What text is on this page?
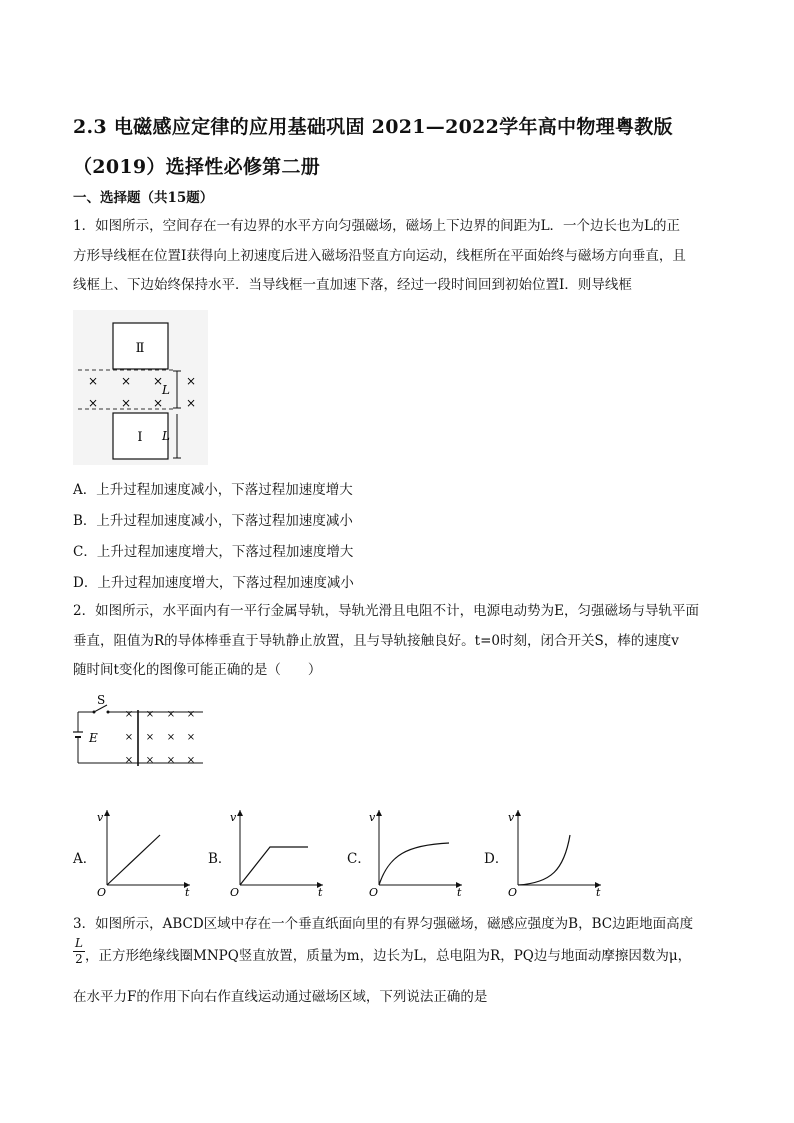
2.3 电磁感应定律的应用基础巩固 2021—2022学年高中物理粤教版
（2019）选择性必修第二册
一、选择题（共15题）
1．如图所示，空间存在一有边界的水平方向匀强磁场，磁场上下边界的间距为L．一个边长也为L的正
方形导线框在位置I获得向上初速度后进入磁场沿竖直方向运动，线框所在平面始终与磁场方向垂直，且
线框上、下边始终保持水平．当导线框一直加速下落，经过一段时间回到初始位置I．则导线框
Ⅱ
× × × ×
× × × ×
I
L
L
A．上升过程加速度减小，下落过程加速度增大
B．上升过程加速度减小，下落过程加速度减小
C．上升过程加速度增大，下落过程加速度增大
D．上升过程加速度增大，下落过程加速度减小
2．如图所示，水平面内有一平行金属导轨，导轨光滑且电阻不计，电源电动势为E，匀强磁场与导轨平面
垂直，阻值为R的导体棒垂直于导轨静止放置，且与导轨接触良好。t=0时刻，闭合开关S，棒的速度v
随时间t变化的图像可能正确的是（　　）
S
E
×
×
×
×
×
×
×
×
×
×
×
×
A．
v
t
O
B．
v
t
O
C．
v
t
O
D．
v
t
O
3．如图所示，ABCD区域中存在一个垂直纸面向里的有界匀强磁场，磁感应强度为B，BC边距地面高度
$\frac{L}{2}$ ，正方形绝缘线圈MNPQ竖直放置，质量为m，边长为L，总电阻为R，PQ边与地面动摩擦因数为μ，
在水平力F的作用下向右作直线运动通过磁场区域，下列说法正确的是
